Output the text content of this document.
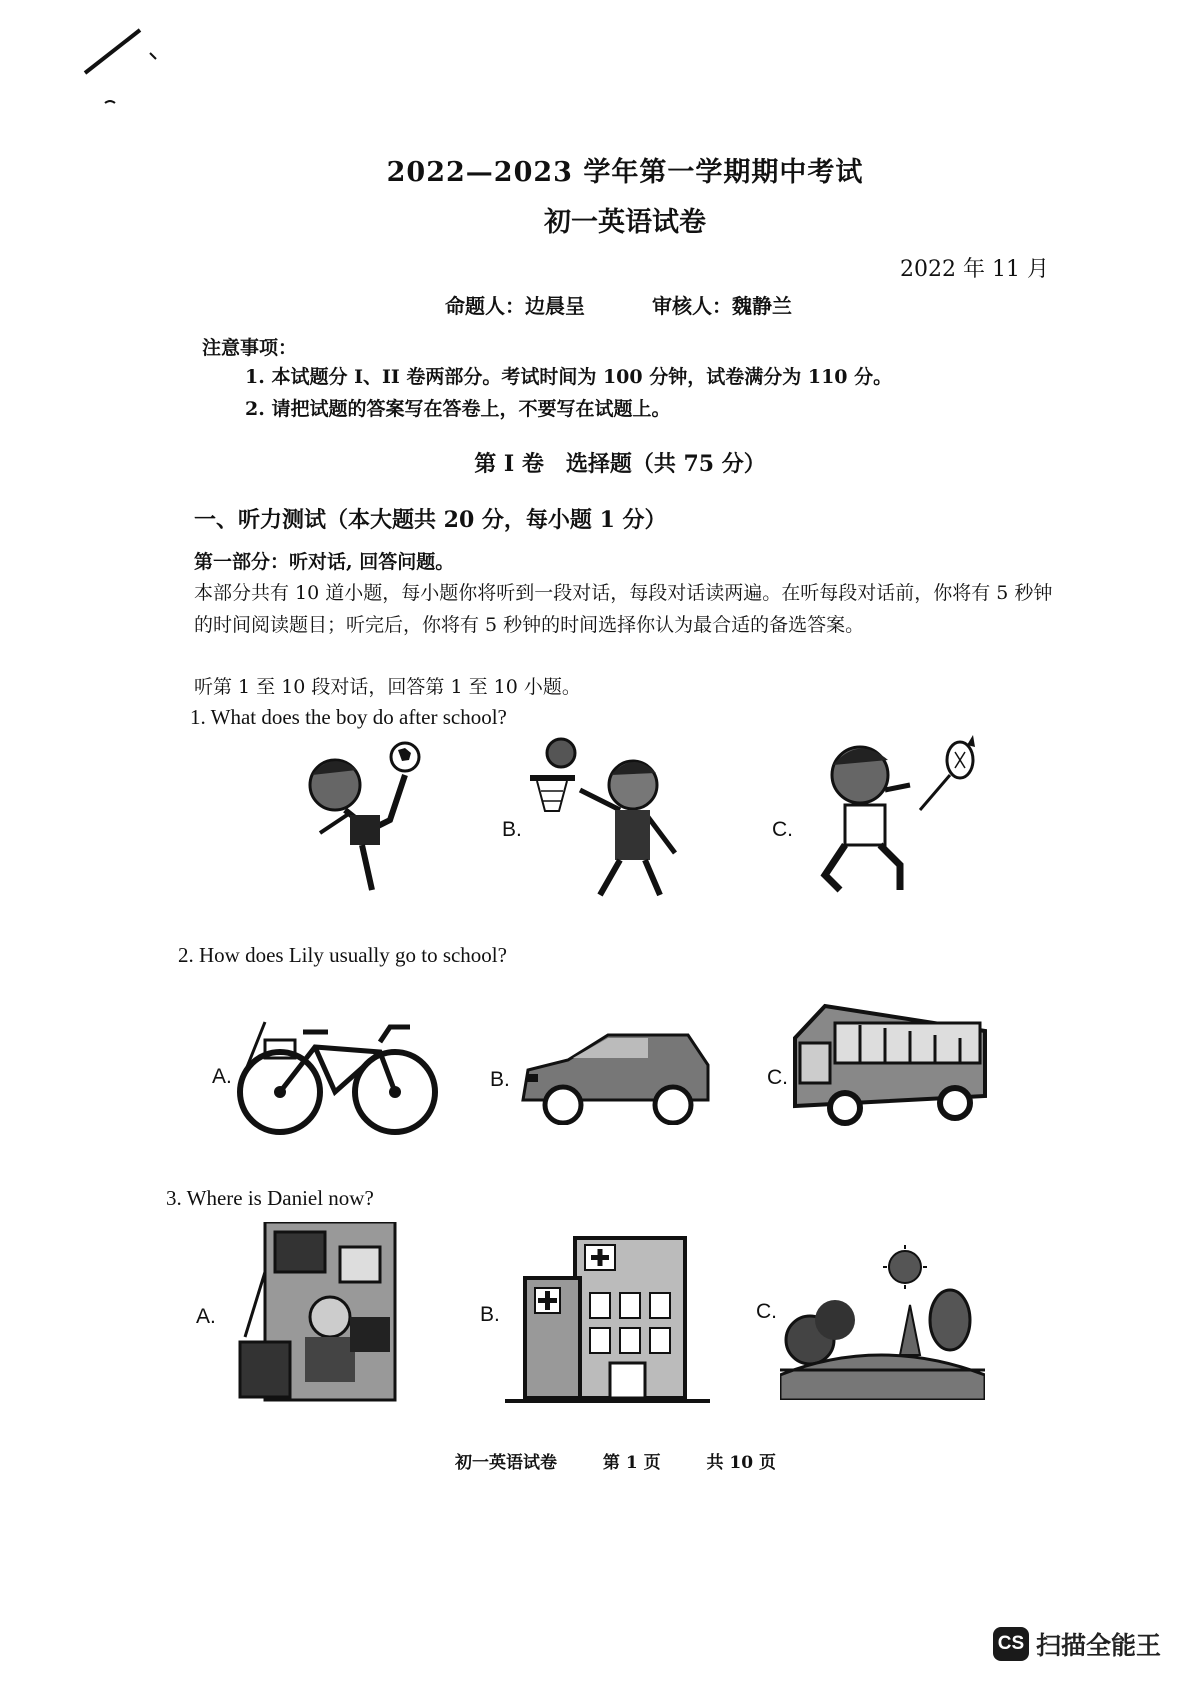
2022—2023 学年第一学期期中考试
初一英语试卷
2022 年 11 月
命题人：边晨呈	审核人：魏静兰
注意事项：
1. 本试题分 I、II 卷两部分。考试时间为 100 分钟，试卷满分为 110 分。
2. 请把试题的答案写在答卷上，不要写在试题上。
第 I 卷　选择题（共 75 分）
一、听力测试（本大题共 20 分，每小题 1 分）
第一部分：听对话, 回答问题。
本部分共有 10 道小题，每小题你将听到一段对话，每段对话读两遍。在听每段对话前，你将有 5 秒钟的时间阅读题目；听完后，你将有 5 秒钟的时间选择你认为最合适的备选答案。
听第 1 至 10 段对话，回答第 1 至 10 小题。
1. What does the boy do after school?
B.	C.
2. How does Lily usually go to school?
A.	B.	C.
3. Where is Daniel now?
A.	B.	C.
初一英语试卷	第 1 页	共 10 页
CS 扫描全能王
